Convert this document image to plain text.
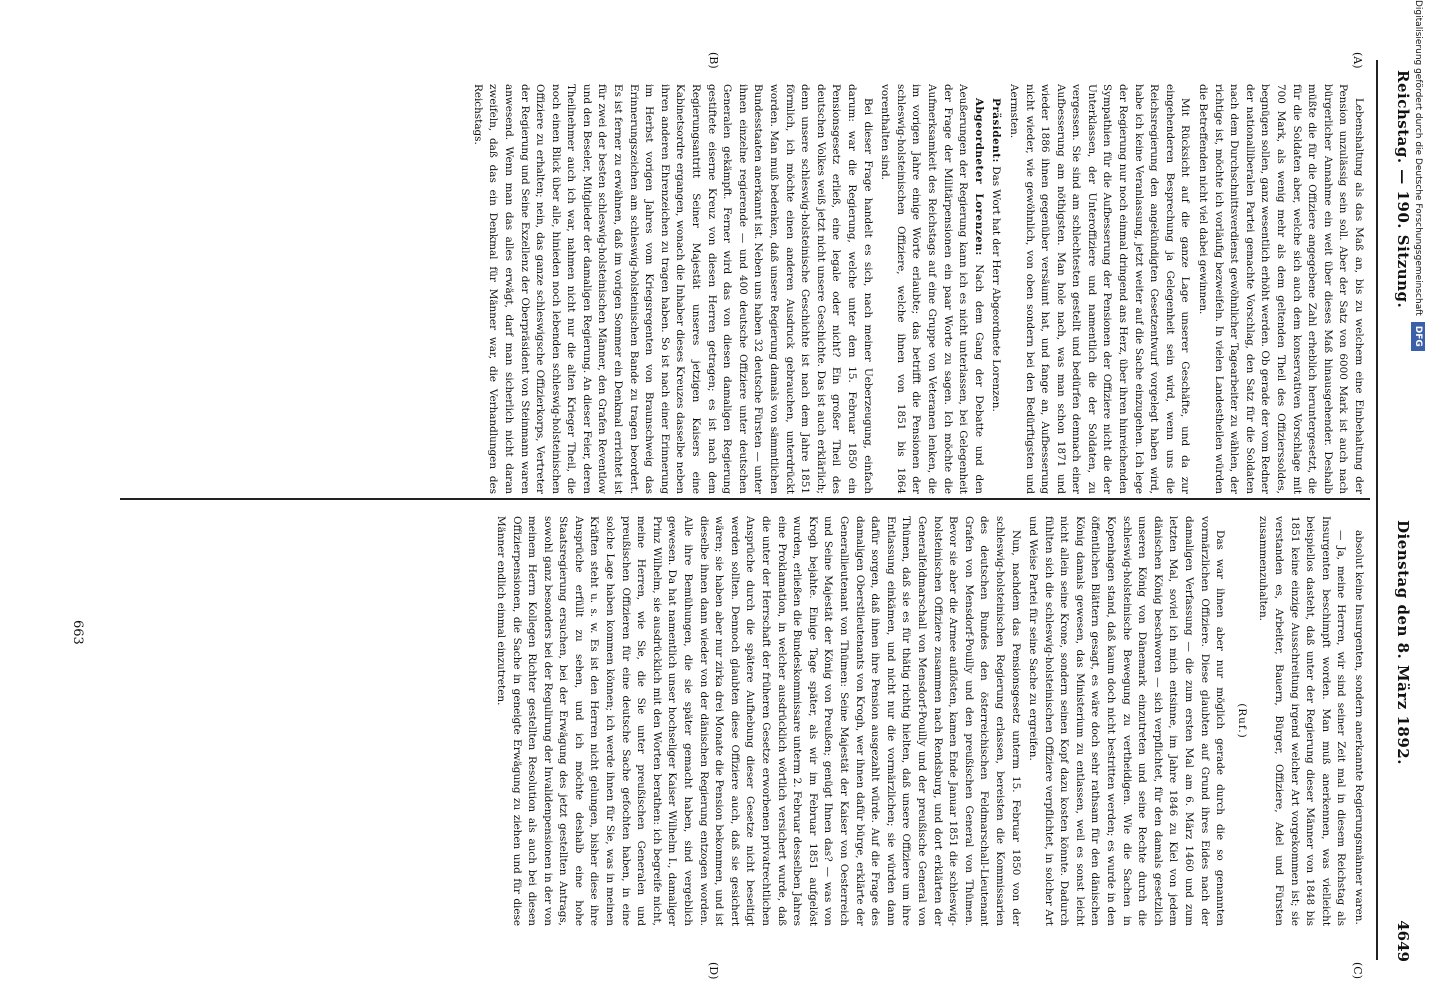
Reichstag. — 190. Sitzung.
Dienstag den 8. März 1892.
4649
(A)
(B)
(C)
(D)

Lebenshaltung als das Maß an, bis zu welchem eine Einbehaltung der Pension unzulässig sein soll. Aber der Satz von 6000 Mark ist auch nach bürgerlicher Annahme ein weit über dieses Maß hinausgehender. Deshalb müßte die für die Offiziere angegebene Zahl erheblich heruntergesetzt, die für die Soldaten aber, welche sich auch dem konservativen Vorschlage mit 700 Mark, als wenig mehr als dem geltenden Theil des Offizierssoldes, begnügen sollen, ganz wesentlich erhöht werden. Ob gerade der vom Redner der nationalliberalen Partei gemachte Vorschlag, den Satz für die Soldaten nach dem Durchschnittsverdienst gewöhnlicher Tagearbeiter zu wählen, der richtige ist, möchte ich vorläufig bezweifeln. In vielen Landestheilen würden die Betreffenden nicht viel dabei gewinnen.

Mit Rücksicht auf die ganze Lage unserer Geschäfte, und da zur eingehenderen Besprechung ja Gelegenheit sein wird, wenn uns die Reichsregierung den angekündigten Gesetzentwurf vorgelegt haben wird, habe ich keine Veranlassung, jetzt weiter auf die Sache einzugehen. Ich lege der Regierung nur noch einmal dringend ans Herz, über ihren hinreichenden Sympathien für die Aufbesserung der Pensionen der Offiziere nicht die der Unterklassen, der Unteroffiziere und namentlich die der Soldaten, zu vergessen. Sie sind am schlechtesten gestellt und bedürfen demnach einer Aufbesserung am nöthigsten. Man hole nach, was man schon 1871 und wieder 1886 ihnen gegenüber versäumt hat, und fange an, Aufbesserung nicht wieder, wie gewöhnlich, von oben sondern bei den Bedürftigsten und Aermsten.

Präsident: Das Wort hat der Herr Abgeordnete Lorenzen.

Abgeordneter Lorenzen: Nach dem Gang der Debatte und den Aeußerungen der Regierung kann ich es nicht unterlassen, bei Gelegenheit der Frage der Militärpensionen ein paar Worte zu sagen. Ich möchte die Aufmerksamkeit des Reichstags auf eine Gruppe von Veteranen lenken, die im vorigen Jahre einige Worte erlaubte; das betrifft die Pensionen der schleswig-holsteinischen Offiziere, welche ihnen von 1851 bis 1864 vorenthalten sind.

Bei dieser Frage handelt es sich, nach meiner Ueberzeugung, einfach darum: war die Regierung, welche unter dem 15. Februar 1850 ein Pensionsgesetz erließ, eine legale oder nicht? Ein großer Theil des deutschen Volkes weiß jetzt nicht unsere Geschichte. Das ist auch erklärlich; denn unsere schleswig-holsteinische Geschichte ist nach dem Jahre 1851 förmlich, ich möchte einen anderen Ausdruck gebrauchen, unterdrückt worden. Man muß bedenken, daß unsere Regierung damals von sämmtlichen Bundesstaaten anerkannt ist. Neben uns haben 32 deutsche Fürsten — unter ihnen einzelne regierende — und 400 deutsche Offiziere unter deutschen Generalen gekämpft. Ferner wird das von diesen damaligen Regierung gestiftete eiserne Kreuz von diesen Herren getragen; es ist nach dem Regierungsantritt Seiner Majestät unseres jetzigen Kaisers eine Kabinetsordre ergangen, wonach die Inhaber dieses Kreuzes dasselbe neben ihren anderen Ehrenzeichen zu tragen haben. So ist nach einer Erinnerung im Herbst vorigen Jahres vom Kriegsregenten von Braunschweig das Erinnerungszeichen am schleswig-holsteinischen Bande zu tragen beordert. Es ist ferner zu erwähnen, daß im vorigen Sommer ein Denkmal errichtet ist für zwei der besten schleswig-holsteinischen Männer, den Grafen Reventlow und den Beseler, Mitglieder der damaligen Regierung. An dieser Feier, deren Theilnehmer auch ich war, nahmen nicht nur die alten Krieger Theil, die noch einen Blick über alle, hinieden noch lebenden schleswig-holsteinischen Offiziere zu erhalten; nein, das ganze schleswigsche Offizierkorps, Vertreter der Regierung und Seine Exzellenz der Oberpräsident von Steinmann waren anwesend. Wenn man das alles erwägt, darf man sicherlich nicht daran zweifeln, daß das ein Denkmal für Männer war, die Verhandlungen des Reichstags.

absolut keine Insurgenten, sondern anerkannte Regierungsmänner waren.

— Ja, meine Herren, wir sind seiner Zeit mal in diesem Reichstag als Insurgenten beschimpft worden. Man muß anerkennen, was vielleicht beispiellos dasteht, daß unter der Regierung dieser Männer von 1848 bis 1851 keine einzige Ausschreitung irgend welcher Art vorgekommen ist; sie verstanden es, Arbeiter, Bauern, Bürger, Offiziere, Adel und Fürsten zusammenzuhalten.

(Ruf.)

Das war ihnen aber nur möglich gerade durch die so genannten vormärzlichen Offiziere. Diese glaubten auf Grund ihres Eides nach der damaligen Verfassung — die zum ersten Mal am 6. März 1460 und zum letzten Mal, soviel ich mich entsinne, im Jahre 1846 zu Kiel von jedem dänischen König beschworen — sich verpflichtet, für den damals gesetzlich unseren König von Dänemark einzutreten und seine Rechte durch die schleswig-holsteinische Bewegung zu vertheidigen. Wie die Sachen in Kopenhagen stand, daß kaum doch nicht bestritten werden; es wurde in den öffentlichen Blättern gesagt, es wäre doch sehr rathsam für den dänischen König damals gewesen, das Ministerium zu entlassen, weil es sonst leicht nicht allein seine Krone, sondern seinen Kopf dazu kosten könnte. Dadurch fühlten sich die schleswig-holsteinischen Offiziere verpflichtet, in solcher Art und Weise Partei für seine Sache zu ergreifen.

Nun, nachdem das Pensionsgesetz unterm 15. Februar 1850 von der schleswig-holsteinischen Regierung erlassen, bereisten die Kommissarien des deutschen Bundes den österreichischen Feldmarschall-Lieutenant Grafen von Mensdorf-Pouilly und den preußischen General von Thümen. Bevor sie aber die Armee auflösten, kamen Ende Januar 1851 die schleswig-holsteinischen Offiziere zusammen nach Rendsburg, und dort erklärten der Generalfeldmarschall von Mensdorf-Pouilly und der preußische General von Thümen, daß sie es für thätig richtig hielten, daß unsere Offiziere um ihre Entlassung einkämen, und nicht nur die vormärzlichen; sie würden dann dafür sorgen, daß ihnen ihre Pension ausgezahlt würde. Auf die Frage des damaligen Oberstlieutenants von Krogh, wer ihnen dafür bürge, erklärte der Generallieutenant von Thümen: Seine Majestät der Kaiser von Oesterreich und Seine Majestät der König von Preußen; genügt Ihnen das? — was von Krogh bejahte. Einige Tage später, als wir im Februar 1851 aufgelöst wurden, erließen die Bundeskommissare unterm 2. Februar desselben Jahres eine Proklamation, in welcher ausdrücklich wörtlich versichert wurde, daß die unter der Herrschaft der früheren Gesetze erworbenen privatrechtlichen Ansprüche durch die spätere Aufhebung dieser Gesetze nicht beseitigt werden sollten. Dennoch glaubten diese Offiziere auch, daß sie gesichert wären; sie haben aber nur zirka drei Monate die Pension bekommen, und ist dieselbe ihnen dann wieder von der dänischen Regierung entzogen worden. Alle ihre Bemühungen, die sie später gemacht haben, sind vergeblich gewesen. Da hat namentlich unser hochseliger Kaiser Wilhelm I., damaliger Prinz Wilhelm, sie ausdrücklich mit den Worten berathen: ich begreife nicht, meine Herren, wie Sie, die Sie unter preußischen Generalen und preußischen Offizieren für eine deutsche Sache gefochten haben, in eine solche Lage haben kommen können; ich werde ihnen für Sie, was in meinen Kräften steht u. s. w. Es ist den Herren nicht gelungen, bisher diese ihre Ansprüche erfüllt zu sehen, und ich möchte deshalb eine hohe Staatsregierung ersuchen, bei der Erwägung des jetzt gestellten Antrags, sowohl ganz besonders bei der Regulirung der Invalidenpensionen in der von meinem Herrn Kollegen Richter gestellten Resolution als auch bei diesen Offizierpensionen, die Sache in geneigte Erwägung zu ziehen und für diese Männer endlich einmal einzutreten.

663
Digitalisierung gefördert durch die Deutsche ForschungsgemeinschaftDFG
